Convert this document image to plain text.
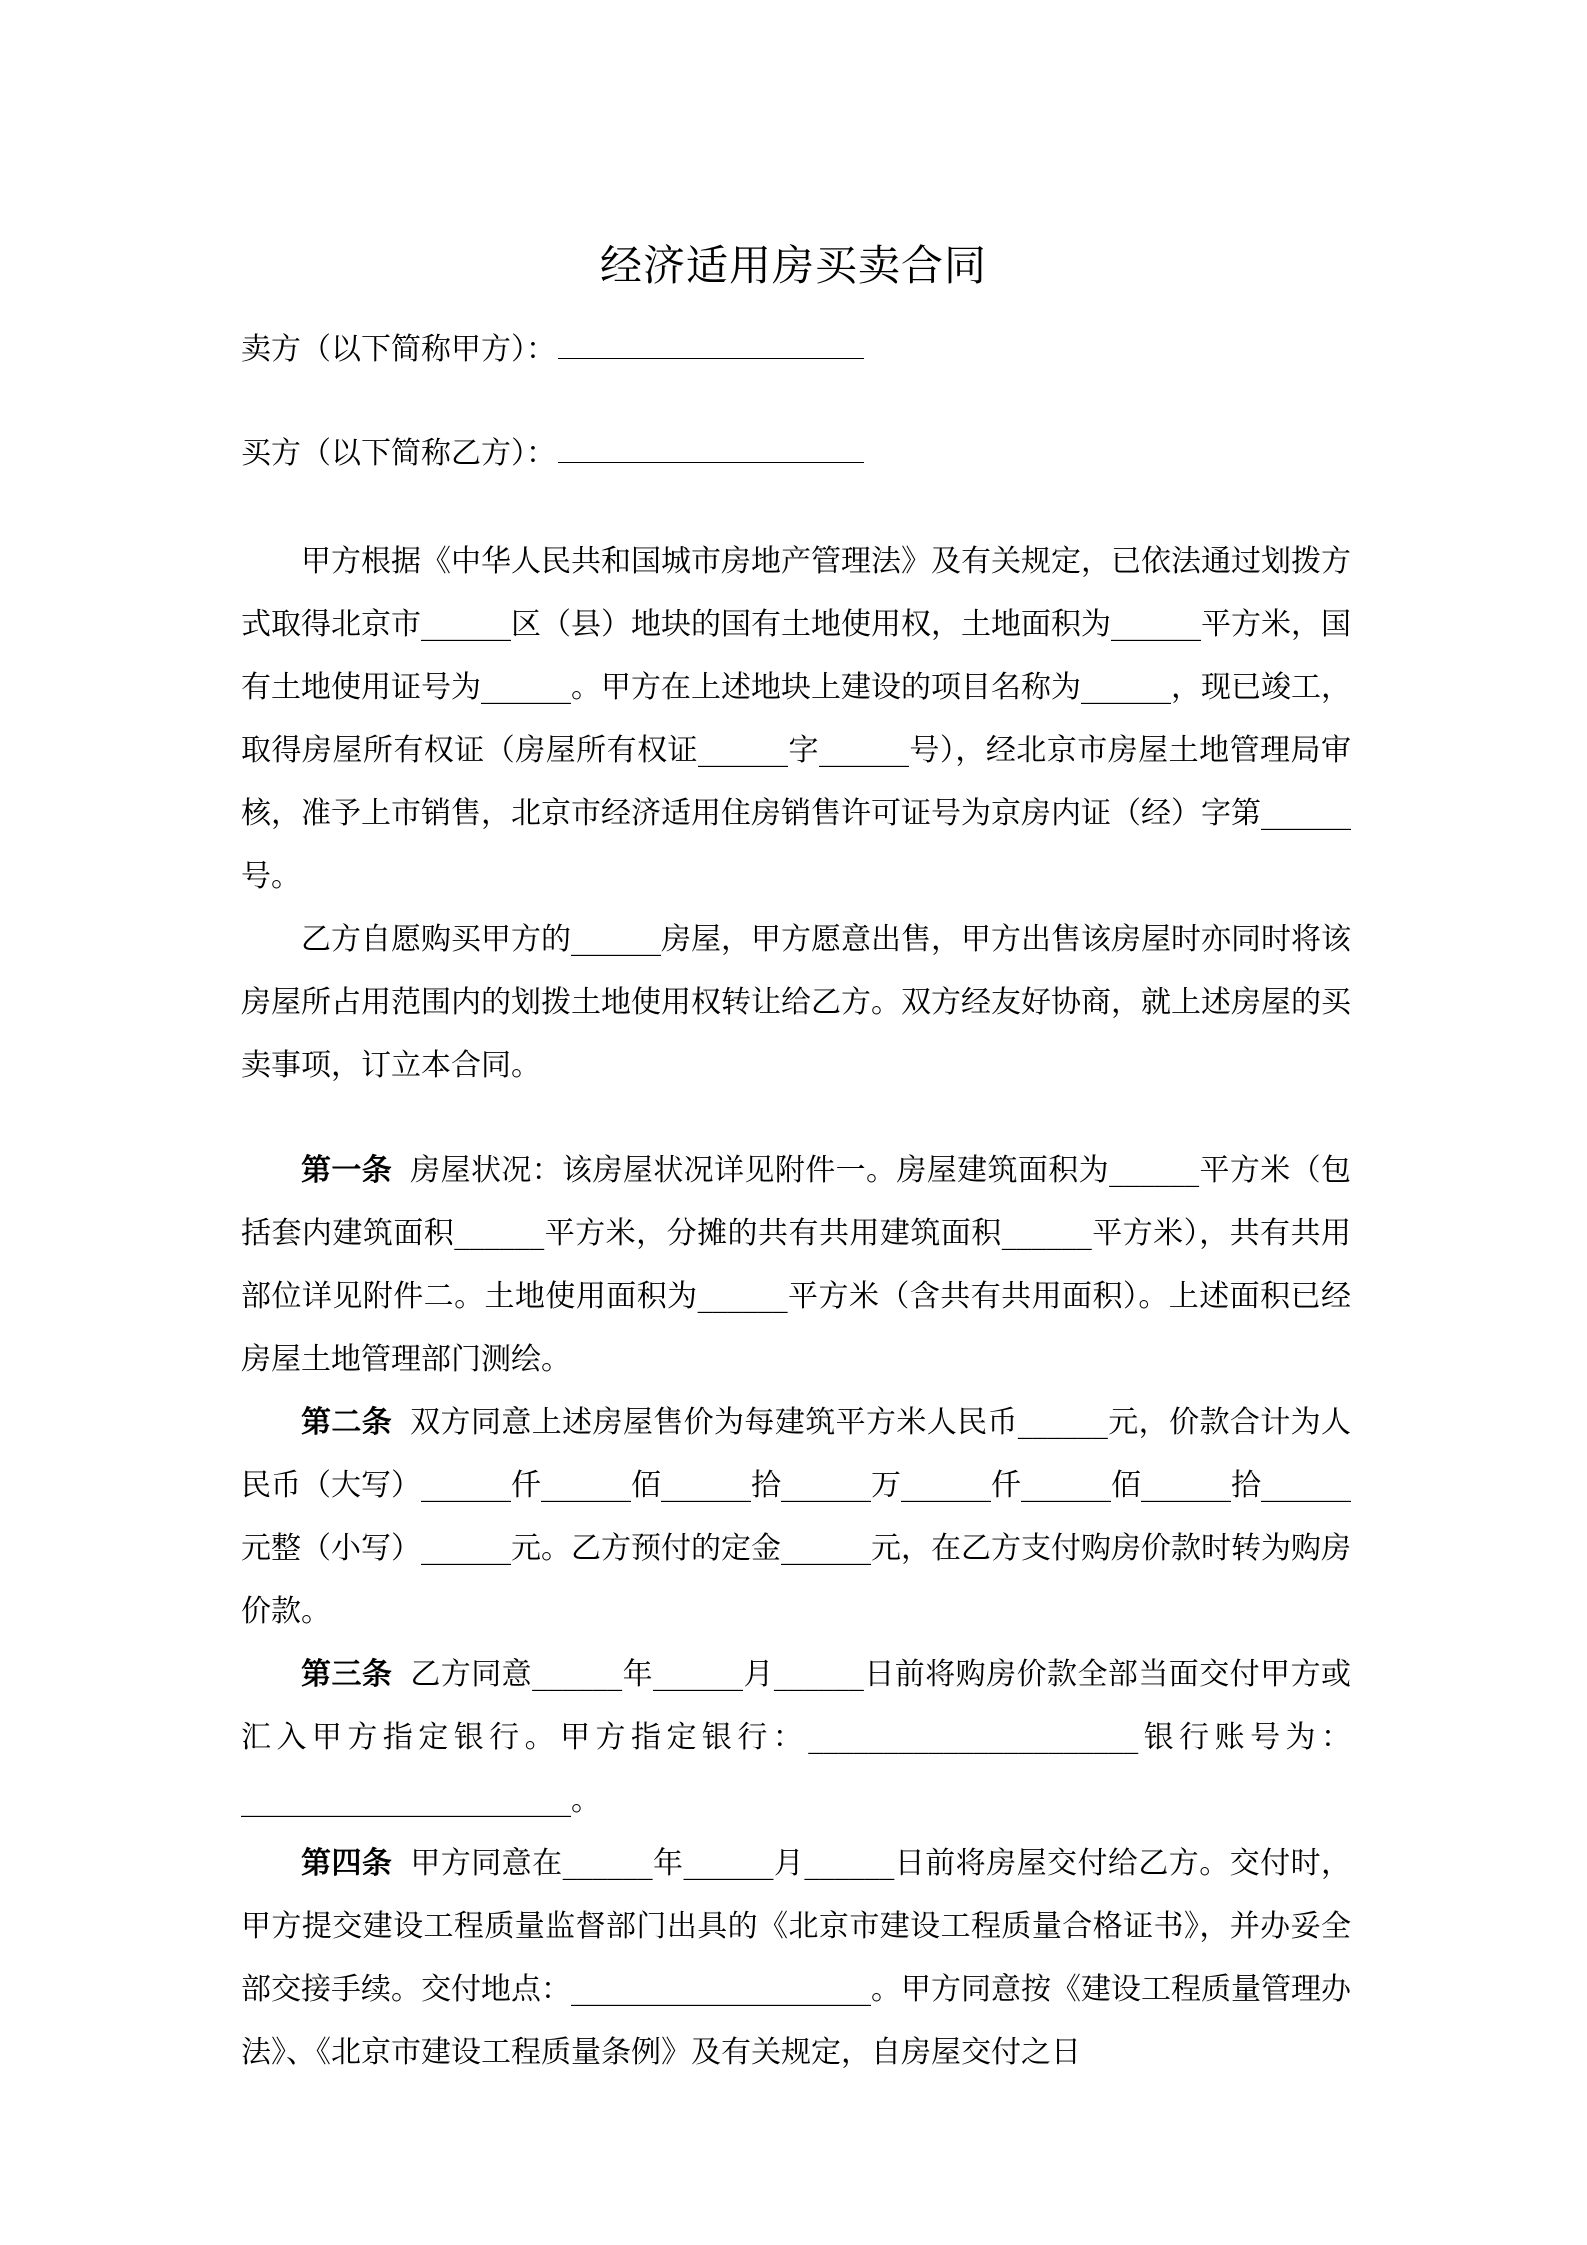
经济适用房买卖合同
卖方（以下简称甲方）：
买方（以下简称乙方）：

甲方根据《中华人民共和国城市房地产管理法》及有关规定，已依法通过划拨方式取得北京市______区（县）地块的国有土地使用权，土地面积为______平方米，国有土地使用证号为______。甲方在上述地块上建设的项目名称为______，现已竣工，取得房屋所有权证（房屋所有权证______字______号），经北京市房屋土地管理局审核，准予上市销售，北京市经济适用住房销售许可证号为京房内证（经）字第______号。

乙方自愿购买甲方的______房屋，甲方愿意出售，甲方出售该房屋时亦同时将该房屋所占用范围内的划拨土地使用权转让给乙方。双方经友好协商，就上述房屋的买卖事项，订立本合同。

第一条 房屋状况：该房屋状况详见附件一。房屋建筑面积为______平方米（包括套内建筑面积______平方米，分摊的共有共用建筑面积______平方米），共有共用部位详见附件二。土地使用面积为______平方米（含共有共用面积）。上述面积已经房屋土地管理部门测绘。

第二条 双方同意上述房屋售价为每建筑平方米人民币______元，价款合计为人民币（大写）______仟______佰______拾______万______仟______佰______拾______元整（小写）______元。乙方预付的定金______元，在乙方支付购房价款时转为购房价款。

第三条 乙方同意______年______月______日前将购房价款全部当面交付甲方或汇入甲方指定银行。甲方指定银行：______________________银行账号为：______________________。

第四条 甲方同意在______年______月______日前将房屋交付给乙方。交付时，甲方提交建设工程质量监督部门出具的《北京市建设工程质量合格证书》，并办妥全部交接手续。交付地点：____________________。甲方同意按《建设工程质量管理办法》、《北京市建设工程质量条例》及有关规定，自房屋交付之日
